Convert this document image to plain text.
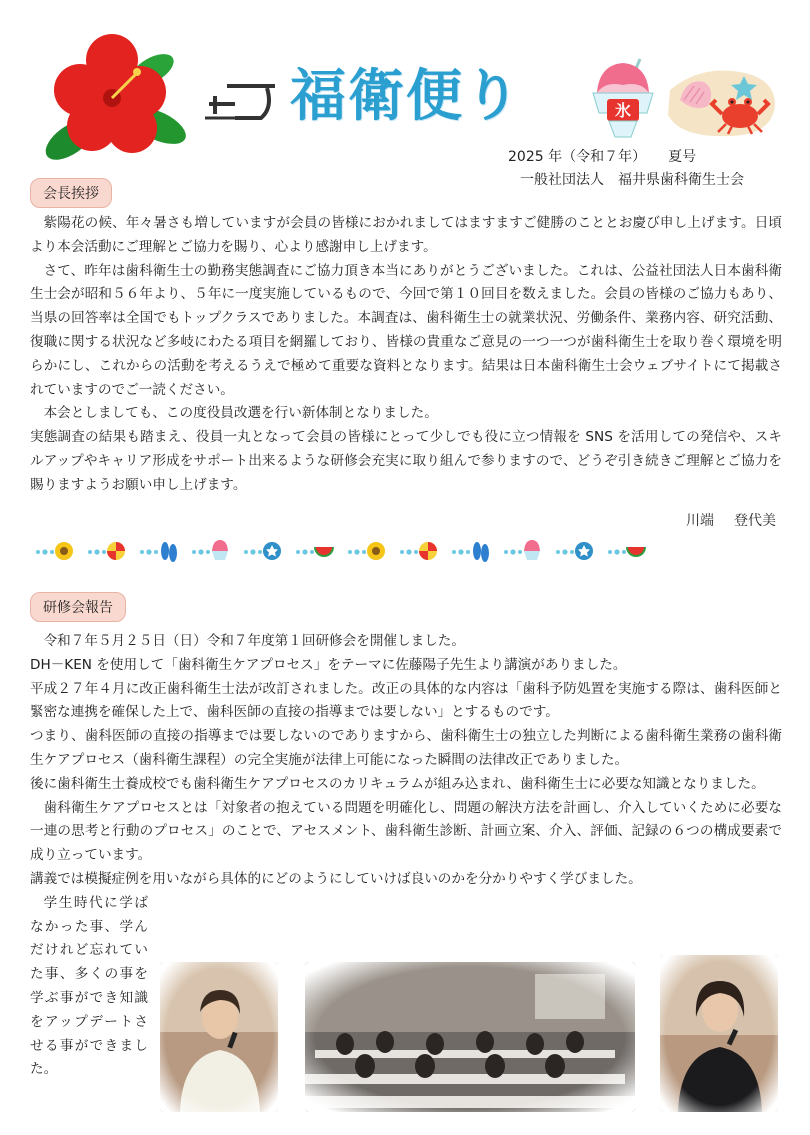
福衛便り	氷
2025 年（令和７年） 夏号
一般社団法人　福井県歯科衛生士会
会長挨拶

紫陽花の候、年々暑さも増していますが会員の皆様におかれましてはますますご健勝のこととお慶び申し上げます。日頃より本会活動にご理解とご協力を賜り、心より感謝申し上げます。

さて、昨年は歯科衛生士の勤務実態調査にご協力頂き本当にありがとうございました。これは、公益社団法人日本歯科衛生士会が昭和５６年より、５年に一度実施しているもので、今回で第１０回目を数えました。会員の皆様のご協力もあり、当県の回答率は全国でもトップクラスでありました。本調査は、歯科衛生士の就業状況、労働条件、業務内容、研究活動、復職に関する状況など多岐にわたる項目を網羅しており、皆様の貴重なご意見の一つ一つが歯科衛生士を取り巻く環境を明らかにし、これからの活動を考えるうえで極めて重要な資料となります。結果は日本歯科衛生士会ウェブサイトにて掲載されていますのでご一読ください。

本会としましても、この度役員改選を行い新体制となりました。

実態調査の結果も踏まえ、役員一丸となって会員の皆様にとって少しでも役に立つ情報を SNS を活用しての発信や、スキルアップやキャリア形成をサポート出来るような研修会充実に取り組んで参りますので、どうぞ引き続きご理解とご協力を賜りますようお願い申し上げます。

川端 登代美
研修会報告

令和７年５月２５日（日）令和７年度第１回研修会を開催しました。

DH－KEN を使用して「歯科衛生ケアプロセス」をテーマに佐藤陽子先生より講演がありました。

平成２７年４月に改正歯科衛生士法が改訂されました。改正の具体的な内容は「歯科予防処置を実施する際は、歯科医師と緊密な連携を確保した上で、歯科医師の直接の指導までは要しない」とするものです。

つまり、歯科医師の直接の指導までは要しないのでありますから、歯科衛生士の独立した判断による歯科衛生業務の歯科衛生ケアプロセス（歯科衛生課程）の完全実施が法律上可能になった瞬間の法律改正でありました。

後に歯科衛生士養成校でも歯科衛生ケアプロセスのカリキュラムが組み込まれ、歯科衛生士に必要な知識となりました。

歯科衛生ケアプロセスとは「対象者の抱えている問題を明確化し、問題の解決方法を計画し、介入していくために必要な一連の思考と行動のプロセス」のことで、アセスメント、歯科衛生診断、計画立案、介入、評価、記録の６つの構成要素で成り立っています。

講義では模擬症例を用いながら具体的にどのようにしていけば良いのかを分かりやすく学びました。

学生時代に学ばなかった事、学んだけれど忘れていた事、多くの事を学ぶ事ができ知識をアップデートさせる事ができました。
